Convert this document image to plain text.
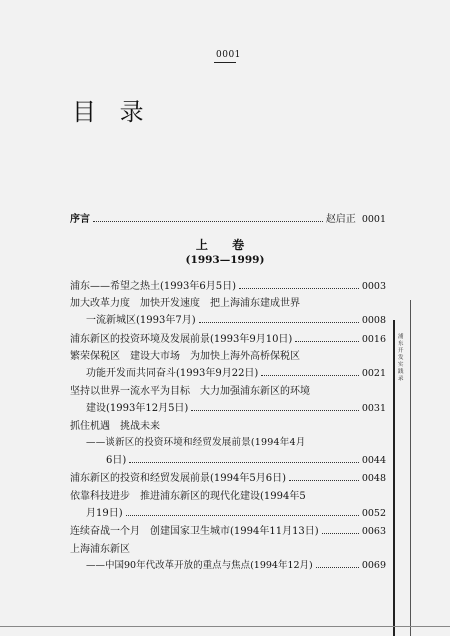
0001
目 录
序言	赵启正 0001
上 卷
(1993—1999)
浦东——希望之热土(1993年6月5日)	0003
加大改革力度　加快开发速度　把上海浦东建成世界
一流新城区(1993年7月)	0008
浦东新区的投资环境及发展前景(1993年9月10日)	0016
繁荣保税区　建设大市场　为加快上海外高桥保税区
功能开发而共同奋斗(1993年9月22日)	0021
坚持以世界一流水平为目标　大力加强浦东新区的环境
建设(1993年12月5日)	0031
抓住机遇　挑战未来
——谈新区的投资环境和经贸发展前景(1994年4月
6日)	0044
浦东新区的投资和经贸发展前景(1994年5月6日)	0048
依靠科技进步　推进浦东新区的现代化建设(1994年5
月19日)	0052
连续奋战一个月　创建国家卫生城市(1994年11月13日)	0063
上海浦东新区
——中国90年代改革开放的重点与焦点(1994年12月)	0069
浦东开发实践录
